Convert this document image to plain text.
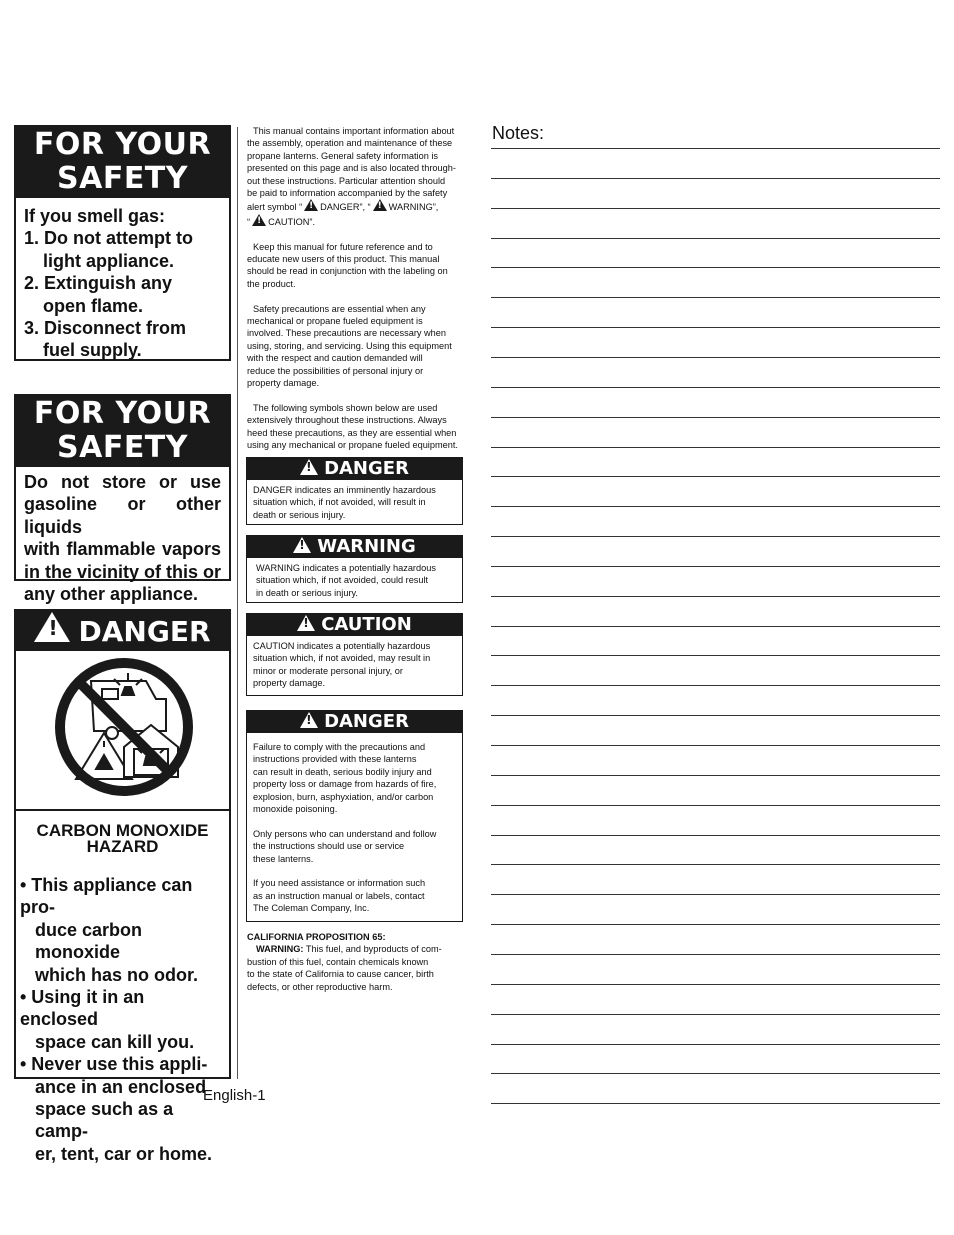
FOR YOUR
SAFETY

If you smell gas:

1. Do not attempt to

light appliance.

2. Extinguish any

open flame.

3. Disconnect from

fuel supply.

FOR YOUR
SAFETY

Do not store or use

gasoline or other liquids

with flammable vapors

in the vicinity of this or

any other appliance.

!DANGER
CARBON MONOXIDE
HAZARD
• This appliance can pro-
duce carbon monoxide
which has no odor.
• Using it in an enclosed
space can kill you.
• Never use this appli-
ance in an enclosed
space such as a camp-
er, tent, car or home.

This manual contains important information about
the assembly, operation and maintenance of these
propane lanterns. General safety information is
presented on this page and is also located through-
out these instructions. Particular attention should
be paid to information accompanied by the safety
alert symbol “ ! DANGER”, “ ! WARNING”,
“ ! CAUTION”.

Keep this manual for future reference and to
educate new users of this product. This manual
should be read in conjunction with the labeling on
the product.

Safety precautions are essential when any
mechanical or propane fueled equipment is
involved. These precautions are necessary when
using, storing, and servicing. Using this equipment
with the respect and caution demanded will
reduce the possibilities of personal injury or
property damage.

The following symbols shown below are used
extensively throughout these instructions. Always
heed these precautions, as they are essential when
using any mechanical or propane fueled equipment.

!DANGER
DANGER indicates an imminently hazardous
situation which, if not avoided, will result in
death or serious injury.
!WARNING
WARNING indicates a potentially hazardous
situation which, if not avoided, could result
in death or serious injury.
!CAUTION
CAUTION indicates a potentially hazardous
situation which, if not avoided, may result in
minor or moderate personal injury, or
property damage.
!DANGER

Failure to comply with the precautions and
instructions provided with these lanterns
can result in death, serious bodily injury and
property loss or damage from hazards of fire,
explosion, burn, asphyxiation, and/or carbon
monoxide poisoning.

Only persons who can understand and follow
the instructions should use or service
these lanterns.

If you need assistance or information such
as an instruction manual or labels, contact
The Coleman Company, Inc.

CALIFORNIA PROPOSITION 65:
WARNING: This fuel, and byproducts of com-
bustion of this fuel, contain chemicals known
to the state of California to cause cancer, birth
defects, or other reproductive harm.
English-1
Notes:
